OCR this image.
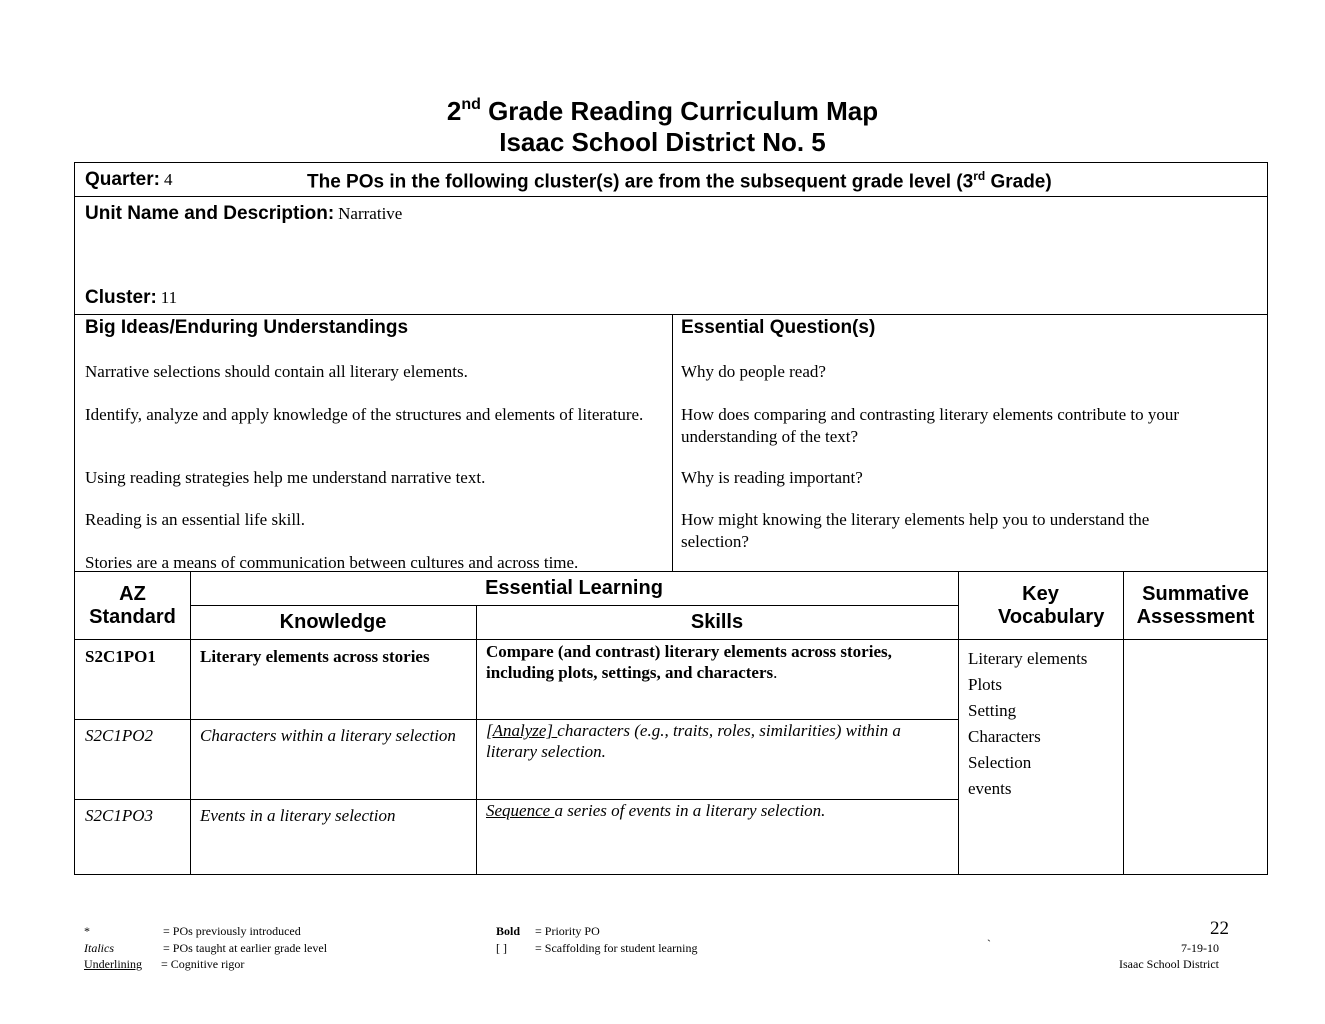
2nd Grade Reading Curriculum Map
Isaac School District No. 5
Quarter: 4	The POs in the following cluster(s) are from the subsequent grade level (3rd Grade)
Unit Name and Description: Narrative
Cluster: 11
Big Ideas/Enduring Understandings

Narrative selections should contain all literary elements.

Identify, analyze and apply knowledge of the structures and elements of literature.

Using reading strategies help me understand narrative text.

Reading is an essential life skill.

Stories are a means of communication between cultures and across time.

Essential Question(s)

Why do people read?

How does comparing and contrasting literary elements contribute to your understanding of the text?

Why is reading important?

How might knowing the literary elements help you to understand the selection?

AZ Standard
Essential Learning
Knowledge	Skills
Key Vocabulary
Summative Assessment
S2C1PO1	Literary elements across stories	Compare (and contrast) literary elements across stories, including plots, settings, and characters.
S2C1PO2	Characters within a literary selection	[Analyze] characters (e.g., traits, roles, similarities) within a literary selection.
S2C1PO3	Events in a literary selection	Sequence a series of events in a literary selection.
Literary elements
Plots
Setting
Characters
Selection
events
*	= POs previously introduced
Italics	= POs taught at earlier grade level
Underlining = Cognitive rigor
Bold = Priority PO
[ ] = Scaffolding for student learning	`
22
7-19-10
Isaac School District
